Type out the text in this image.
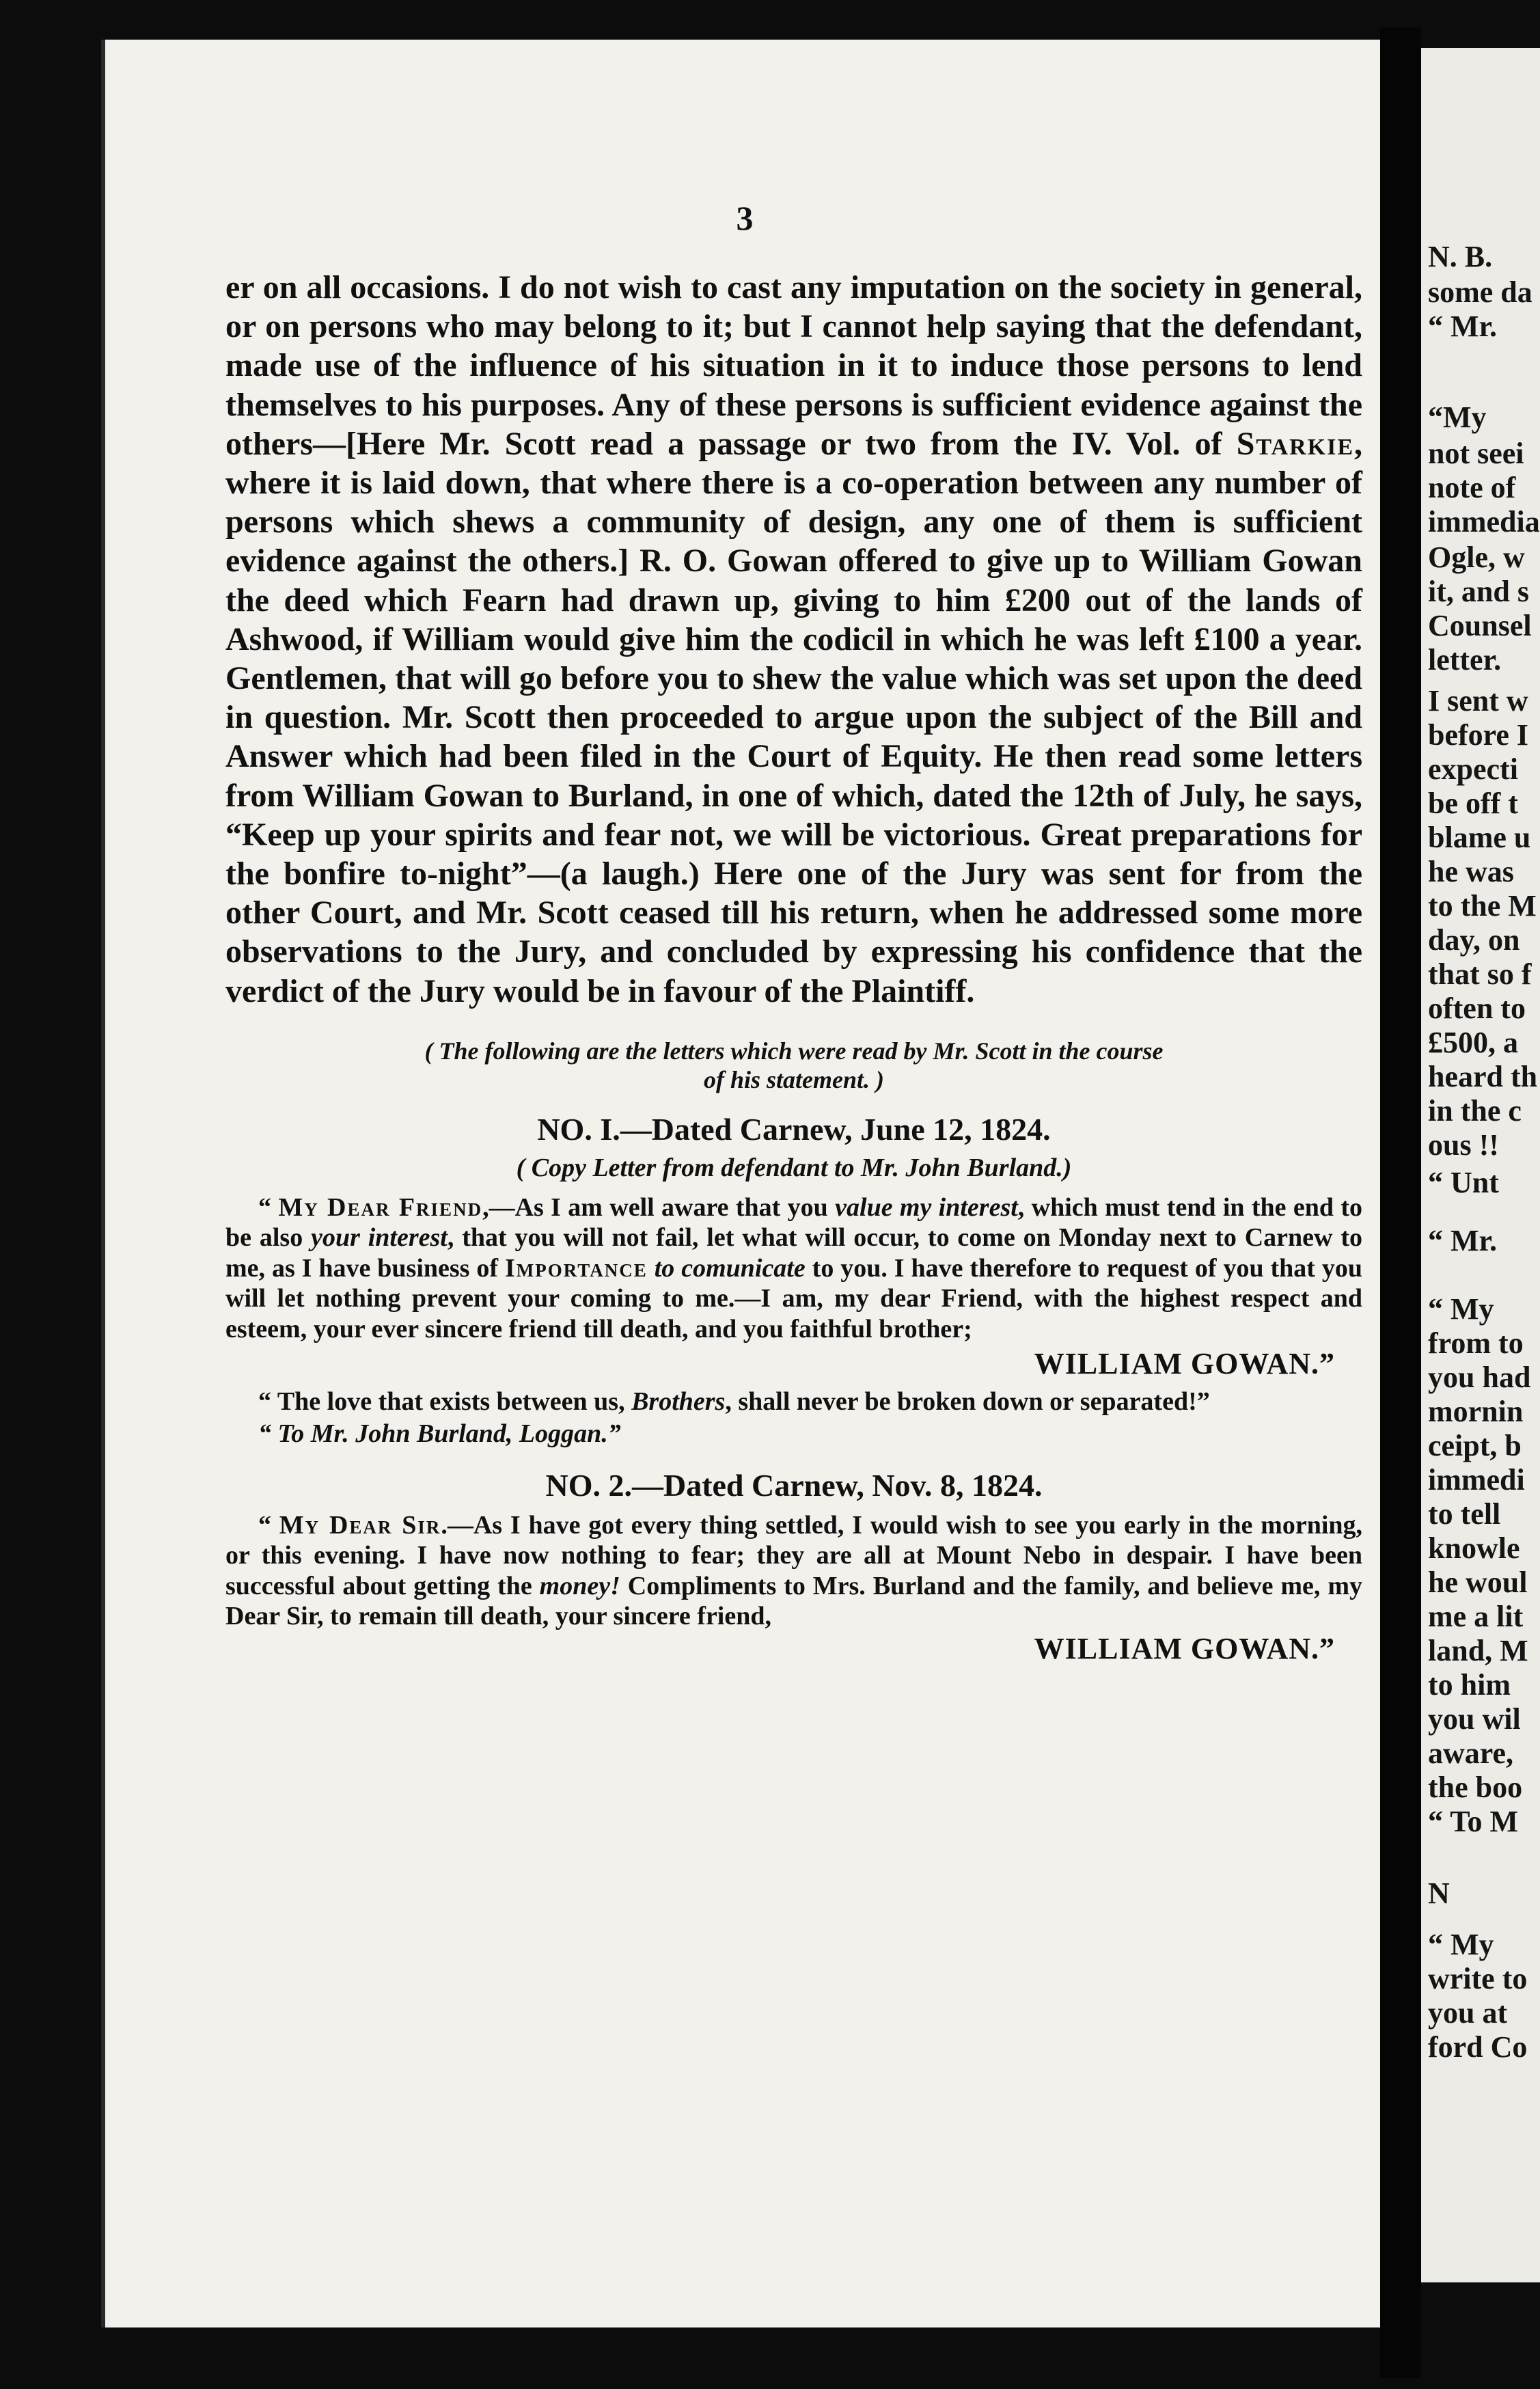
3
N. B.
some da
“ Mr.
“My
not seei
note of
immedia
Ogle, w
it, and s
Counsel
letter.
I sent w
before I
expecti
be off t
blame u
he was
to the M
day, on
that so f
often to
£500, a
heard th
in the c
ous !!
“ Unt
“ Mr.
“ My
from to
you had
mornin
ceipt, b
immedi
to tell
knowle
he woul
me a lit
land, M
to him
you wil
aware,
the boo
“ To M
N
“ My
write to
you at
ford Co

er on all occasions. I do not wish to cast any imputation on the society in general, or on persons who may belong to it; but I cannot help saying that the defendant, made use of the influence of his situation in it to induce those persons to lend themselves to his purposes. Any of these persons is sufficient evidence against the others—[Here Mr. Scott read a passage or two from the IV. Vol. of Starkie, where it is laid down, that where there is a co-operation between any number of persons which shews a community of design, any one of them is sufficient evidence against the others.] R. O. Gowan offered to give up to William Gowan the deed which Fearn had drawn up, giving to him £200 out of the lands of Ashwood, if William would give him the codicil in which he was left £100 a year. Gentlemen, that will go before you to shew the value which was set upon the deed in question. Mr. Scott then proceeded to argue upon the subject of the Bill and Answer which had been filed in the Court of Equity. He then read some letters from William Gowan to Burland, in one of which, dated the 12th of July, he says, “Keep up your spirits and fear not, we will be victorious. Great preparations for the bonfire to-night”—(a laugh.) Here one of the Jury was sent for from the other Court, and Mr. Scott ceased till his return, when he addressed some more observations to the Jury, and concluded by expressing his confidence that the verdict of the Jury would be in favour of the Plaintiff.

( The following are the letters which were read by Mr. Scott in the course
of his statement. )

NO. I.—Dated Carnew, June 12, 1824.

( Copy Letter from defendant to Mr. John Burland.)

“ My Dear Friend,—As I am well aware that you value my interest, which must tend in the end to be also your interest, that you will not fail, let what will occur, to come on Monday next to Carnew to me, as I have business of Importance to comunicate to you. I have therefore to request of you that you will let nothing prevent your coming to me.—I am, my dear Friend, with the highest respect and esteem, your ever sincere friend till death, and you faithful brother;

WILLIAM GOWAN.”

“ The love that exists between us, Brothers, shall never be broken down or separated!”

“ To Mr. John Burland, Loggan.”

NO. 2.—Dated Carnew, Nov. 8, 1824.

“ My Dear Sir.—As I have got every thing settled, I would wish to see you early in the morning, or this evening. I have now nothing to fear; they are all at Mount Nebo in despair. I have been successful about getting the money! Compliments to Mrs. Burland and the family, and believe me, my Dear Sir, to remain till death, your sincere friend,

WILLIAM GOWAN.”
